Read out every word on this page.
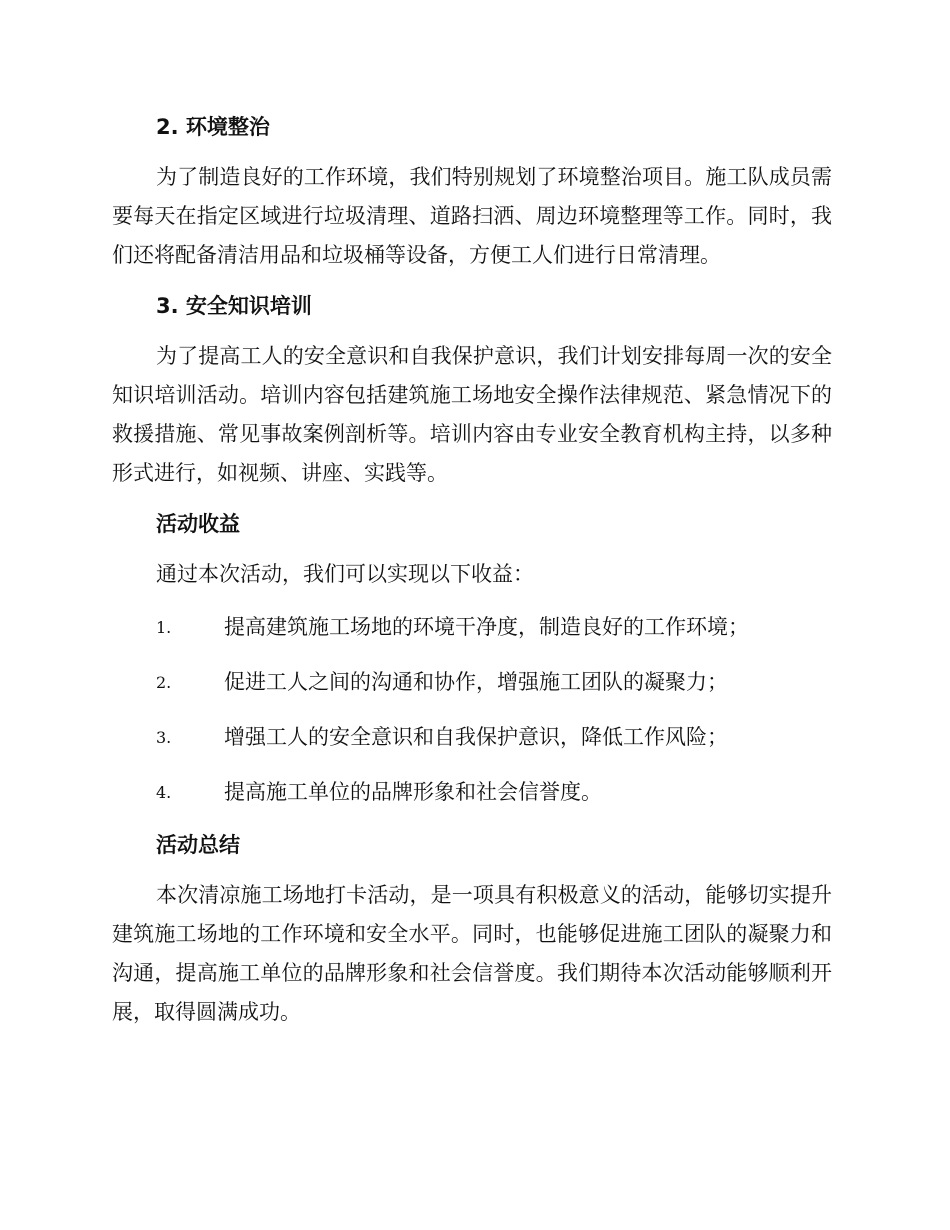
2. 环境整治

为了制造良好的工作环境，我们特别规划了环境整治项目。施工队成员需要每天在指定区域进行垃圾清理、道路扫洒、周边环境整理等工作。同时，我们还将配备清洁用品和垃圾桶等设备，方便工人们进行日常清理。

3. 安全知识培训

为了提高工人的安全意识和自我保护意识，我们计划安排每周一次的安全知识培训活动。培训内容包括建筑施工场地安全操作法律规范、紧急情况下的救援措施、常见事故案例剖析等。培训内容由专业安全教育机构主持，以多种形式进行，如视频、讲座、实践等。

活动收益

通过本次活动，我们可以实现以下收益：

1.	提高建筑施工场地的环境干净度，制造良好的工作环境；
2.	促进工人之间的沟通和协作，增强施工团队的凝聚力；
3.	增强工人的安全意识和自我保护意识，降低工作风险；
4.	提高施工单位的品牌形象和社会信誉度。
活动总结

本次清凉施工场地打卡活动，是一项具有积极意义的活动，能够切实提升建筑施工场地的工作环境和安全水平。同时，也能够促进施工团队的凝聚力和沟通，提高施工单位的品牌形象和社会信誉度。我们期待本次活动能够顺利开展，取得圆满成功。
